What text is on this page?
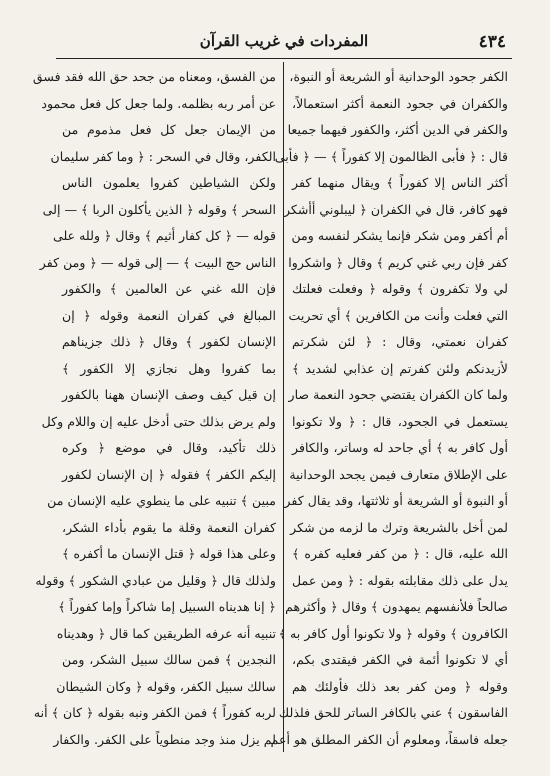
٤٣٤
المفردات في غريب القرآن
الكفر جحود الوحدانية أو الشريعة أو النبوة،
والكفران في جحود النعمة أكثر استعمالاً،
والكفر في الدين أكثر، والكفور فيهما جميعا
قال : ﴿ فأبى الظالمون إلا كفوراً ﴾ — ﴿ فأبى
أكثر الناس إلا كفوراً ﴾ ويقال منهما كفر
فهو كافر، قال في الكفران ﴿ ليبلوني أأشكر
أم أكفر ومن شكر فإنما يشكر لنفسه ومن
كفر فإن ربي غني كريم ﴾ وقال ﴿ واشكروا
لي ولا تكفرون ﴾ وقوله ﴿ وفعلت فعلتك
التي فعلت وأنت من الكافرين ﴾ أي تحريت
كفران نعمتي، وقال : ﴿ لئن شكرتم
لأزيدنكم ولئن كفرتم إن عذابي لشديد ﴾
ولما كان الكفران يقتضي جحود النعمة صار
يستعمل في الجحود، قال : ﴿ ولا تكونوا
أول كافر به ﴾ أي جاحد له وساتر، والكافر
على الإطلاق متعارف فيمن يجحد الوحدانية
أو النبوة أو الشريعة أو ثلاثتها، وقد يقال كفر
لمن أخل بالشريعة وترك ما لزمه من شكر
الله عليه، قال : ﴿ من كفر فعليه كفره ﴾
يدل على ذلك مقابلته بقوله : ﴿ ومن عمل
صالحاً فلأنفسهم يمهدون ﴾ وقال ﴿ وأكثرهم
الكافرون ﴾ وقوله ﴿ ولا تكونوا أول كافر به ﴾
أي لا تكونوا أئمة في الكفر فيقتدى بكم،
وقوله ﴿ ومن كفر بعد ذلك فأولئك هم
الفاسقون ﴾ عني بالكافر الساتر للحق فلذلك
جعله فاسقاً، ومعلوم أن الكفر المطلق هو أعم
من الفسق، ومعناه من جحد حق الله فقد فسق
عن أمر ربه بظلمه. ولما جعل كل فعل محمود
من الإيمان جعل كل فعل مذموم من
الكفر، وقال في السحر : ﴿ وما كفر سليمان
ولكن الشياطين كفروا يعلمون الناس
السحر ﴾ وقوله ﴿ الذين يأكلون الربا ﴾ — إلى
قوله — ﴿ كل كفار أثيم ﴾ وقال ﴿ ولله على
الناس حج البيت ﴾ — إلى قوله — ﴿ ومن كفر
فإن الله غني عن العالمين ﴾ والكفور
المبالغ في كفران النعمة وقوله ﴿ إن
الإنسان لكفور ﴾ وقال ﴿ ذلك جزيناهم
بما كفروا وهل نجازي إلا الكفور ﴾
إن قيل كيف وصف الإنسان ههنا بالكفور
ولم يرض بذلك حتى أدخل عليه إن واللام وكل
ذلك تأكيد، وقال في موضع ﴿ وكره
إليكم الكفر ﴾ فقوله ﴿ إن الإنسان لكفور
مبين ﴾ تنبيه على ما ينطوي عليه الإنسان من
كفران النعمة وقلة ما يقوم بأداء الشكر،
وعلى هذا قوله ﴿ قتل الإنسان ما أكفره ﴾
ولذلك قال ﴿ وقليل من عبادي الشكور ﴾ وقوله
﴿ إنا هديناه السبيل إما شاكراً وإما كفوراً ﴾
تنبيه أنه عرفه الطريقين كما قال ﴿ وهديناه
النجدين ﴾ فمن سالك سبيل الشكر، ومن
سالك سبيل الكفر، وقوله ﴿ وكان الشيطان
لربه كفوراً ﴾ فمن الكفر ونبه بقوله ﴿ كان ﴾ أنه
لم يزل منذ وجد منطوياً على الكفر. والكفار
